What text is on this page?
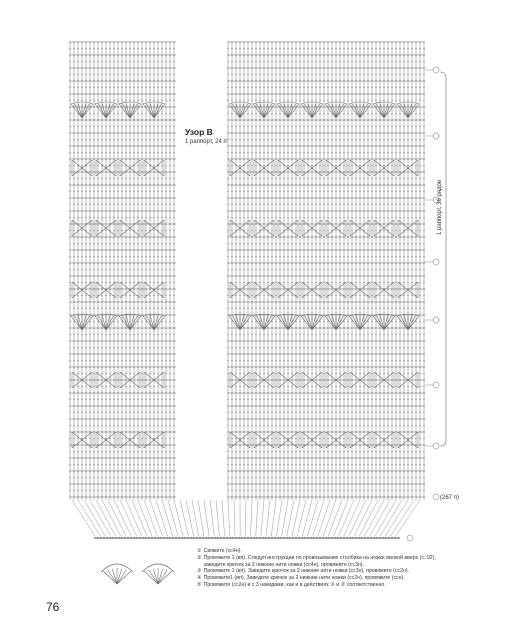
Узор B
1 раппорт, 24 п
1 раппорт, 36 рядов
(267 п)
① Свяжите (сс4н).
② Провяжите 1 (вп). Следуя инструкции по провязыванию столбика на ножке вилкой вверх (с. 92), заведите крючок за 2 нижние нити ножки (сс4н), провяжите (сс3н).
③ Провяжите 1 (вп). Заведите крючок за 2 нижние нити ножки (сс3н), провяжите (сс2н).
④ Провяжите1 (вп). Заведите крючок за 2 нижние нити ножки (сс2н), провяжите (ссн).
⑤ Провяжите (сс2н) и с 3 накидами, как и в действиях ③ и ② соответственно.
76
